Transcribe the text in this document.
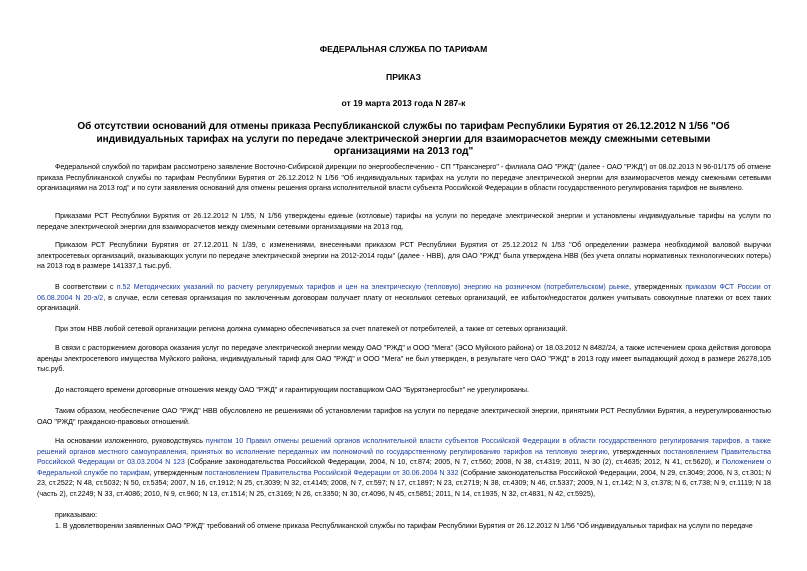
ФЕДЕРАЛЬНАЯ СЛУЖБА ПО ТАРИФАМ
ПРИКАЗ
от 19 марта 2013 года N 287-к
Об отсутствии оснований для отмены приказа Республиканской службы по тарифам Республики Бурятия от 26.12.2012 N 1/56 "Об индивидуальных тарифах на услуги по передаче электрической энергии для взаиморасчетов между смежными сетевыми организациями на 2013 год"
Федеральной службой по тарифам рассмотрено заявление Восточно-Сибирской дирекции по энергообеспечению - СП "Трансэнерго" - филиала ОАО "РЖД" (далее - ОАО "РЖД") от 08.02.2013 N 96-01/175 об отмене приказа Республиканской службы по тарифам Республики Бурятия от 26.12.2012 N 1/56 "Об индивидуальных тарифах на услуги по передаче электрической энергии для взаиморасчетов между смежными сетевыми организациями на 2013 год" и по сути заявления оснований для отмены решения органа исполнительной власти субъекта Российской Федерации в области государственного регулирования тарифов не выявлено.
Приказами РСТ Республики Бурятия от 26.12.2012 N 1/55, N 1/56 утверждены единые (котловые) тарифы на услуги по передаче электрической энергии и установлены индивидуальные тарифы на услуги по передаче электрической энергии для взаиморасчетов между смежными сетевыми организациями на 2013 год.
Приказом РСТ Республики Бурятия от 27.12.2011 N 1/39, с изменениями, внесенными приказом РСТ Республики Бурятия от 25.12.2012 N 1/53 "Об определении размера необходимой валовой выручки электросетевых организаций, оказывающих услуги по передаче электрической энергии на 2012-2014 годы" (далее - НВВ), для ОАО "РЖД" была утверждена НВВ (без учета оплаты нормативных технологических потерь) на 2013 год в размере 141337,1 тыс.руб.
В соответствии с п.52 Методических указаний по расчету регулируемых тарифов и цен на электрическую (тепловую) энергию на розничном (потребительском) рынке, утвержденных приказом ФСТ России от 06.08.2004 N 20-э/2, в случае, если сетевая организация по заключенным договорам получает плату от нескольких сетевых организаций, ее избыток/недостаток должен учитывать совокупные платежи от всех таких организаций.
При этом НВВ любой сетевой организации региона должна суммарно обеспечиваться за счет платежей от потребителей, а также от сетевых организаций.
В связи с расторжением договора оказания услуг по передаче электрической энергии между ОАО "РЖД" и ООО "Мега" (ЭСО Муйского района) от 18.03.2012 N 8482/24, а также истечением срока действия договора аренды электросетевого имущества Муйского района, индивидуальный тариф для ОАО "РЖД" и ООО "Мега" не был утвержден, в результате чего ОАО "РЖД" в 2013 году имеет выпадающий доход в размере 26278,105 тыс.руб.
До настоящего времени договорные отношения между ОАО "РЖД" и гарантирующим поставщиком ОАО "Бурятэнергосбыт" не урегулированы.
Таким образом, необеспечение ОАО "РЖД" НВВ обусловлено не решениями об установлении тарифов на услуги по передаче электрической энергии, принятыми РСТ Республики Бурятия, а неурегулированностью ОАО "РЖД" гражданско-правовых отношений.
На основании изложенного, руководствуясь пунктом 10 Правил отмены решений органов исполнительной власти субъектов Российской Федерации в области государственного регулирования тарифов, а также решений органов местного самоуправления, принятых во исполнение переданных им полномочий по государственному регулированию тарифов на тепловую энергию, утвержденных постановлением Правительства Российской Федерации от 03.03.2004 N 123 (Собрание законодательства Российской Федерации, 2004, N 10, ст.874; 2005, N 7, ст.560; 2008, N 38, ст.4319; 2011, N 30 (2), ст.4635; 2012, N 41, ст.5620), и Положением о Федеральной службе по тарифам, утвержденным постановлением Правительства Российской Федерации от 30.06.2004 N 332 (Собрание законодательства Российской Федерации, 2004, N 29, ст.3049; 2006, N 3, ст.301; N 23, ст.2522; N 48, ст.5032; N 50, ст.5354; 2007, N 16, ст.1912; N 25, ст.3039; N 32, ст.4145; 2008, N 7, ст.597; N 17, ст.1897; N 23, ст.2719; N 38, ст.4309; N 46, ст.5337; 2009, N 1, ст.142; N 3, ст.378; N 6, ст.738; N 9, ст.1119; N 18 (часть 2), ст.2249; N 33, ст.4086; 2010, N 9, ст.960; N 13, ст.1514; N 25, ст.3169; N 26, ст.3350; N 30, ст.4096, N 45, ст.5851; 2011, N 14, ст.1935, N 32, ст.4831, N 42, ст.5925),
приказываю:
1. В удовлетворении заявленных ОАО "РЖД" требований об отмене приказа Республиканской службы по тарифам Республики Бурятия от 26.12.2012 N 1/56 "Об индивидуальных тарифах на услуги по передаче
